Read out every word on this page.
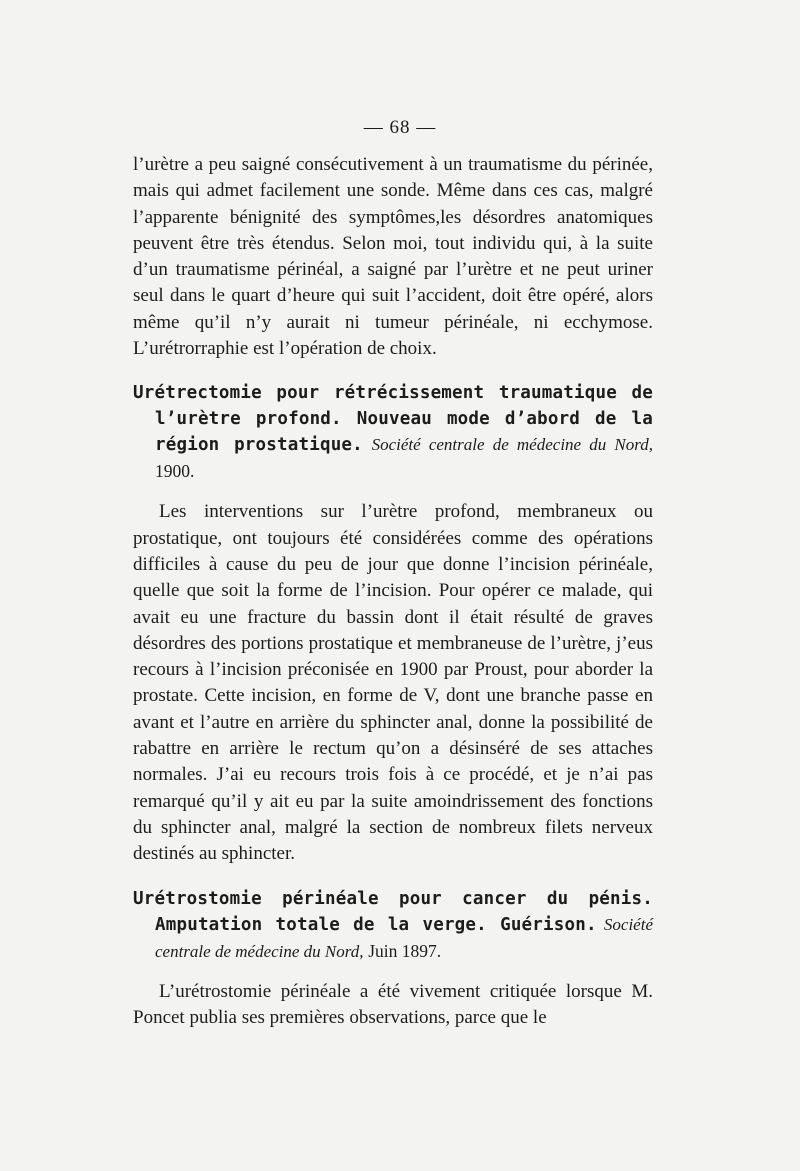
— 68 —

l’urètre a peu saigné consécutivement à un traumatisme du périnée, mais qui admet facilement une sonde. Même dans ces cas, malgré l’apparente bénignité des symptômes,les désordres anatomiques peuvent être très étendus. Selon moi, tout individu qui, à la suite d’un traumatisme périnéal, a saigné par l’urètre et ne peut uriner seul dans le quart d’heure qui suit l’accident, doit être opéré, alors même qu’il n’y aurait ni tumeur périnéale, ni ecchymose. L’urétrorraphie est l’opération de choix.

Urétrectomie pour rétrécissement traumatique de l’urètre profond. Nouveau mode d’abord de la région prostatique. Société centrale de médecine du Nord, 1900.

Les interventions sur l’urètre profond, membraneux ou prostatique, ont toujours été considérées comme des opérations difficiles à cause du peu de jour que donne l’incision périnéale, quelle que soit la forme de l’incision. Pour opérer ce malade, qui avait eu une fracture du bassin dont il était résulté de graves désordres des portions prostatique et membraneuse de l’urètre, j’eus recours à l’incision préconisée en 1900 par Proust, pour aborder la prostate. Cette incision, en forme de V, dont une branche passe en avant et l’autre en arrière du sphincter anal, donne la possibilité de rabattre en arrière le rectum qu’on a désinséré de ses attaches normales. J’ai eu recours trois fois à ce procédé, et je n’ai pas remarqué qu’il y ait eu par la suite amoindrissement des fonctions du sphincter anal, malgré la section de nombreux filets nerveux destinés au sphincter.

Urétrostomie périnéale pour cancer du pénis. Amputation totale de la verge. Guérison. Société centrale de médecine du Nord, Juin 1897.

L’urétrostomie périnéale a été vivement critiquée lorsque M. Poncet publia ses premières observations, parce que le
